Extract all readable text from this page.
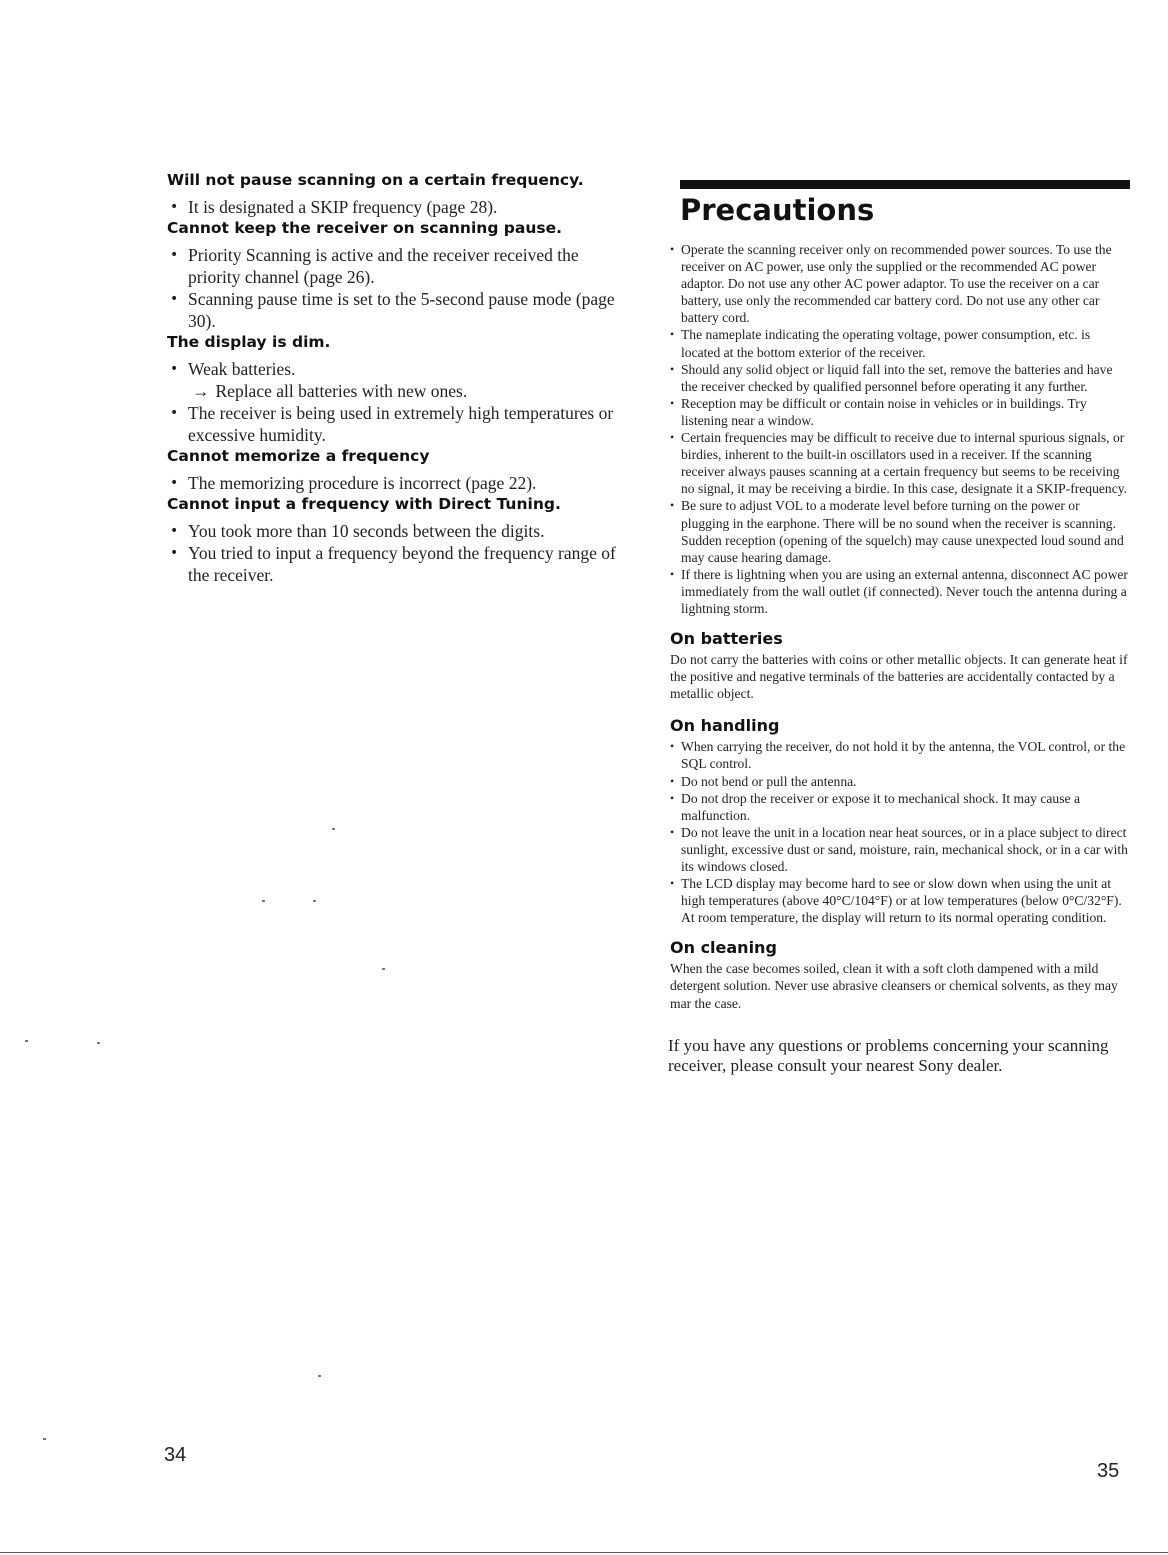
Will not pause scanning on a certain frequency.
• It is designated a SKIP frequency (page 28).
Cannot keep the receiver on scanning pause.
• Priority Scanning is active and the receiver received the priority channel (page 26).
• Scanning pause time is set to the 5-second pause mode (page 30).
The display is dim.
• Weak batteries.
→ Replace all batteries with new ones.
• The receiver is being used in extremely high temperatures or excessive humidity.
Cannot memorize a frequency
• The memorizing procedure is incorrect (page 22).
Cannot input a frequency with Direct Tuning.
• You took more than 10 seconds between the digits.
• You tried to input a frequency beyond the frequency range of the receiver.
Precautions
• Operate the scanning receiver only on recommended power sources. To use the receiver on AC power, use only the supplied or the recommended AC power adaptor. Do not use any other AC power adaptor. To use the receiver on a car battery, use only the recommended car battery cord. Do not use any other car battery cord.
• The nameplate indicating the operating voltage, power consumption, etc. is located at the bottom exterior of the receiver.
• Should any solid object or liquid fall into the set, remove the batteries and have the receiver checked by qualified personnel before operating it any further.
• Reception may be difficult or contain noise in vehicles or in buildings. Try listening near a window.
• Certain frequencies may be difficult to receive due to internal spurious signals, or birdies, inherent to the built-in oscillators used in a receiver. If the scanning receiver always pauses scanning at a certain frequency but seems to be receiving no signal, it may be receiving a birdie. In this case, designate it a SKIP-frequency.
• Be sure to adjust VOL to a moderate level before turning on the power or plugging in the earphone. There will be no sound when the receiver is scanning. Sudden reception (opening of the squelch) may cause unexpected loud sound and may cause hearing damage.
• If there is lightning when you are using an external antenna, disconnect AC power immediately from the wall outlet (if connected). Never touch the antenna during a lightning storm.
On batteries
Do not carry the batteries with coins or other metallic objects. It can generate heat if the positive and negative terminals of the batteries are accidentally contacted by a metallic object.
On handling
• When carrying the receiver, do not hold it by the antenna, the VOL control, or the SQL control.
• Do not bend or pull the antenna.
• Do not drop the receiver or expose it to mechanical shock. It may cause a malfunction.
• Do not leave the unit in a location near heat sources, or in a place subject to direct sunlight, excessive dust or sand, moisture, rain, mechanical shock, or in a car with its windows closed.
• The LCD display may become hard to see or slow down when using the unit at high temperatures (above 40°C/104°F) or at low temperatures (below 0°C/32°F). At room temperature, the display will return to its normal operating condition.
On cleaning
When the case becomes soiled, clean it with a soft cloth dampened with a mild detergent solution. Never use abrasive cleansers or chemical solvents, as they may mar the case.
If you have any questions or problems concerning your scanning receiver, please consult your nearest Sony dealer.
34
35
